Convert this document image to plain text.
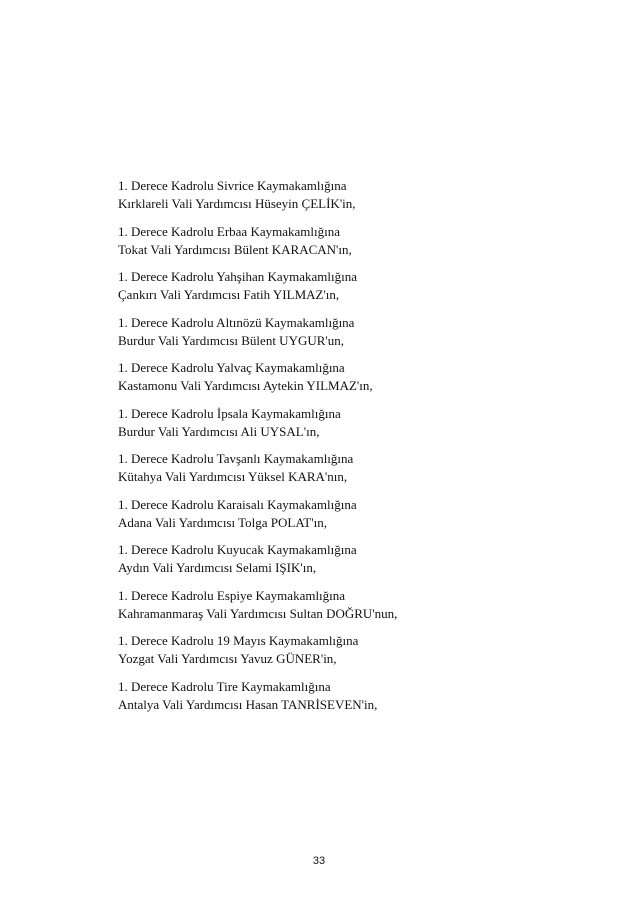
1. Derece Kadrolu Sivrice Kaymakamlığına
Kırklareli Vali Yardımcısı Hüseyin ÇELİK'in,
1. Derece Kadrolu Erbaa Kaymakamlığına
Tokat Vali Yardımcısı Bülent KARACAN'ın,
1. Derece Kadrolu Yahşihan Kaymakamlığına
Çankırı Vali Yardımcısı Fatih YILMAZ'ın,
1. Derece Kadrolu Altınözü Kaymakamlığına
Burdur Vali Yardımcısı Bülent UYGUR'un,
1. Derece Kadrolu Yalvaç Kaymakamlığına
Kastamonu Vali Yardımcısı Aytekin YILMAZ'ın,
1. Derece Kadrolu İpsala Kaymakamlığına
Burdur Vali Yardımcısı Ali UYSAL'ın,
1. Derece Kadrolu Tavşanlı Kaymakamlığına
Kütahya Vali Yardımcısı Yüksel KARA'nın,
1. Derece Kadrolu Karaisalı Kaymakamlığına
Adana Vali Yardımcısı Tolga POLAT'ın,
1. Derece Kadrolu Kuyucak Kaymakamlığına
Aydın Vali Yardımcısı Selami IŞIK'ın,
1. Derece Kadrolu Espiye Kaymakamlığına
Kahramanmaraş Vali Yardımcısı Sultan DOĞRU'nun,
1. Derece Kadrolu 19 Mayıs Kaymakamlığına
Yozgat Vali Yardımcısı Yavuz GÜNER'in,
1. Derece Kadrolu Tire Kaymakamlığına
Antalya Vali Yardımcısı Hasan TANRİSEVEN'in,
33
